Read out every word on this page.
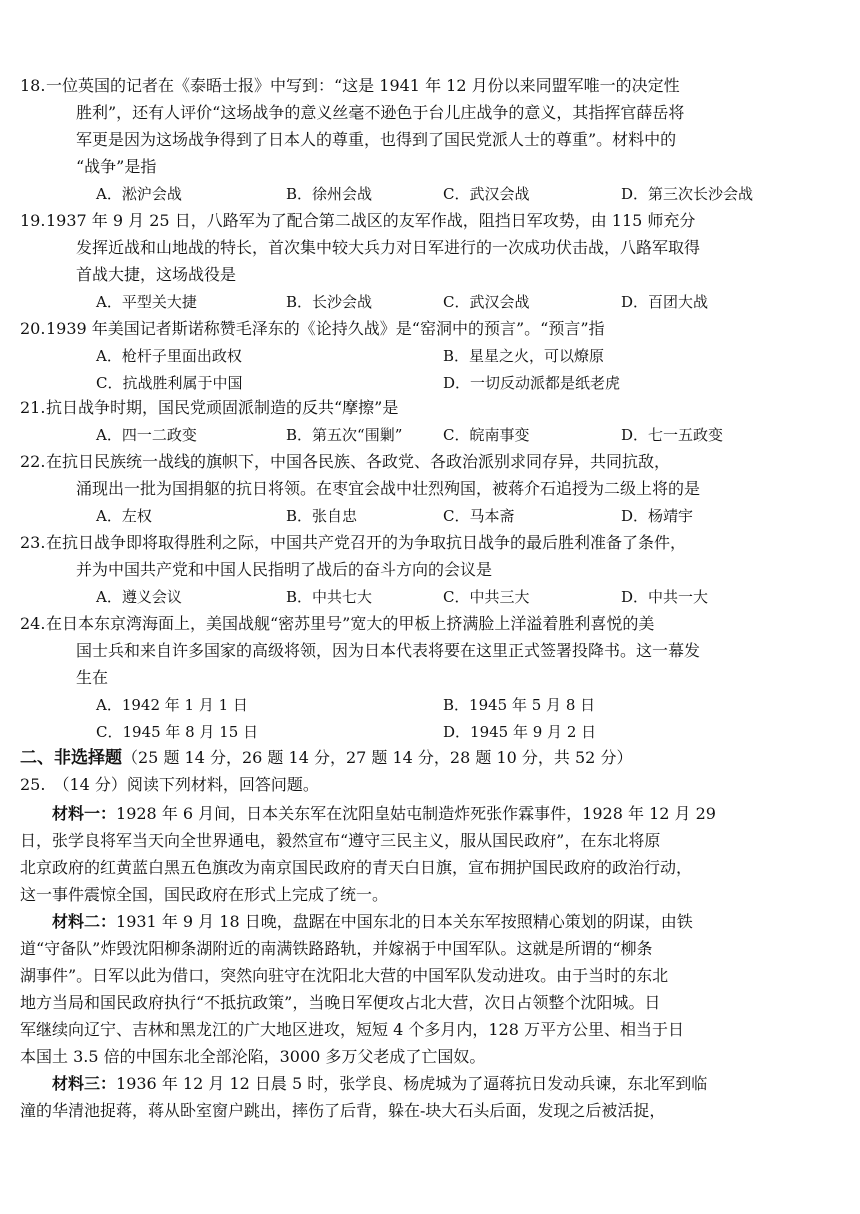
18. 一位英国的记者在《泰晤士报》中写到：“这是 1941 年 12 月份以来同盟军唯一的决定性
胜利”，还有人评价“这场战争的意义丝毫不逊色于台儿庄战争的意义，其指挥官薛岳将
军更是因为这场战争得到了日本人的尊重，也得到了国民党派人士的尊重”。材料中的
“战争”是指
A．淞沪会战	B．徐州会战	C．武汉会战	D．第三次长沙会战
19. 1937 年 9 月 25 日，八路军为了配合第二战区的友军作战，阻挡日军攻势，由 115 师充分
发挥近战和山地战的特长，首次集中较大兵力对日军进行的一次成功伏击战，八路军取得
首战大捷，这场战役是
A．平型关大捷	B．长沙会战	C．武汉会战	D．百团大战
20. 1939 年美国记者斯诺称赞毛泽东的《论持久战》是“窑洞中的预言”。“预言”指
A．枪杆子里面出政权	B．星星之火，可以燎原
C．抗战胜利属于中国	D．一切反动派都是纸老虎
21. 抗日战争时期，国民党顽固派制造的反共“摩擦”是
A．四一二政变	B．第五次“围剿”	C．皖南事变	D．七一五政变
22. 在抗日民族统一战线的旗帜下，中国各民族、各政党、各政治派别求同存异，共同抗敌，
涌现出一批为国捐躯的抗日将领。在枣宜会战中壮烈殉国，被蒋介石追授为二级上将的是
A．左权	B．张自忠	C．马本斋	D．杨靖宇
23. 在抗日战争即将取得胜利之际，中国共产党召开的为争取抗日战争的最后胜利准备了条件，
并为中国共产党和中国人民指明了战后的奋斗方向的会议是
A．遵义会议	B．中共七大	C．中共三大	D．中共一大
24. 在日本东京湾海面上，美国战舰“密苏里号”宽大的甲板上挤满脸上洋溢着胜利喜悦的美
国士兵和来自许多国家的高级将领，因为日本代表将要在这里正式签署投降书。这一幕发
生在
A．1942 年 1 月 1 日	B．1945 年 5 月 8 日
C．1945 年 8 月 15 日	D．1945 年 9 月 2 日
二、非选择题（25 题 14 分，26 题 14 分，27 题 14 分，28 题 10 分，共 52 分）
25.　（14 分）阅读下列材料，回答问题。
材料一：1928 年 6 月间，日本关东军在沈阳皇姑屯制造炸死张作霖事件，1928 年 12 月 29
日，张学良将军当天向全世界通电，毅然宣布“遵守三民主义，服从国民政府”，在东北将原
北京政府的红黄蓝白黑五色旗改为南京国民政府的青天白日旗，宣布拥护国民政府的政治行动，
这一事件震惊全国，国民政府在形式上完成了统一。
材料二：1931 年 9 月 18 日晚，盘踞在中国东北的日本关东军按照精心策划的阴谋，由铁
道“守备队”炸毁沈阳柳条湖附近的南满铁路路轨，并嫁祸于中国军队。这就是所谓的“柳条
湖事件”。日军以此为借口，突然向驻守在沈阳北大营的中国军队发动进攻。由于当时的东北
地方当局和国民政府执行“不抵抗政策”，当晚日军便攻占北大营，次日占领整个沈阳城。日
军继续向辽宁、吉林和黑龙江的广大地区进攻，短短 4 个多月内，128 万平方公里、相当于日
本国土 3.5 倍的中国东北全部沦陷，3000 多万父老成了亡国奴。
材料三：1936 年 12 月 12 日晨 5 时，张学良、杨虎城为了逼蒋抗日发动兵谏，东北军到临
潼的华清池捉蒋，蒋从卧室窗户跳出，摔伤了后背，躲在-块大石头后面，发现之后被活捉，
